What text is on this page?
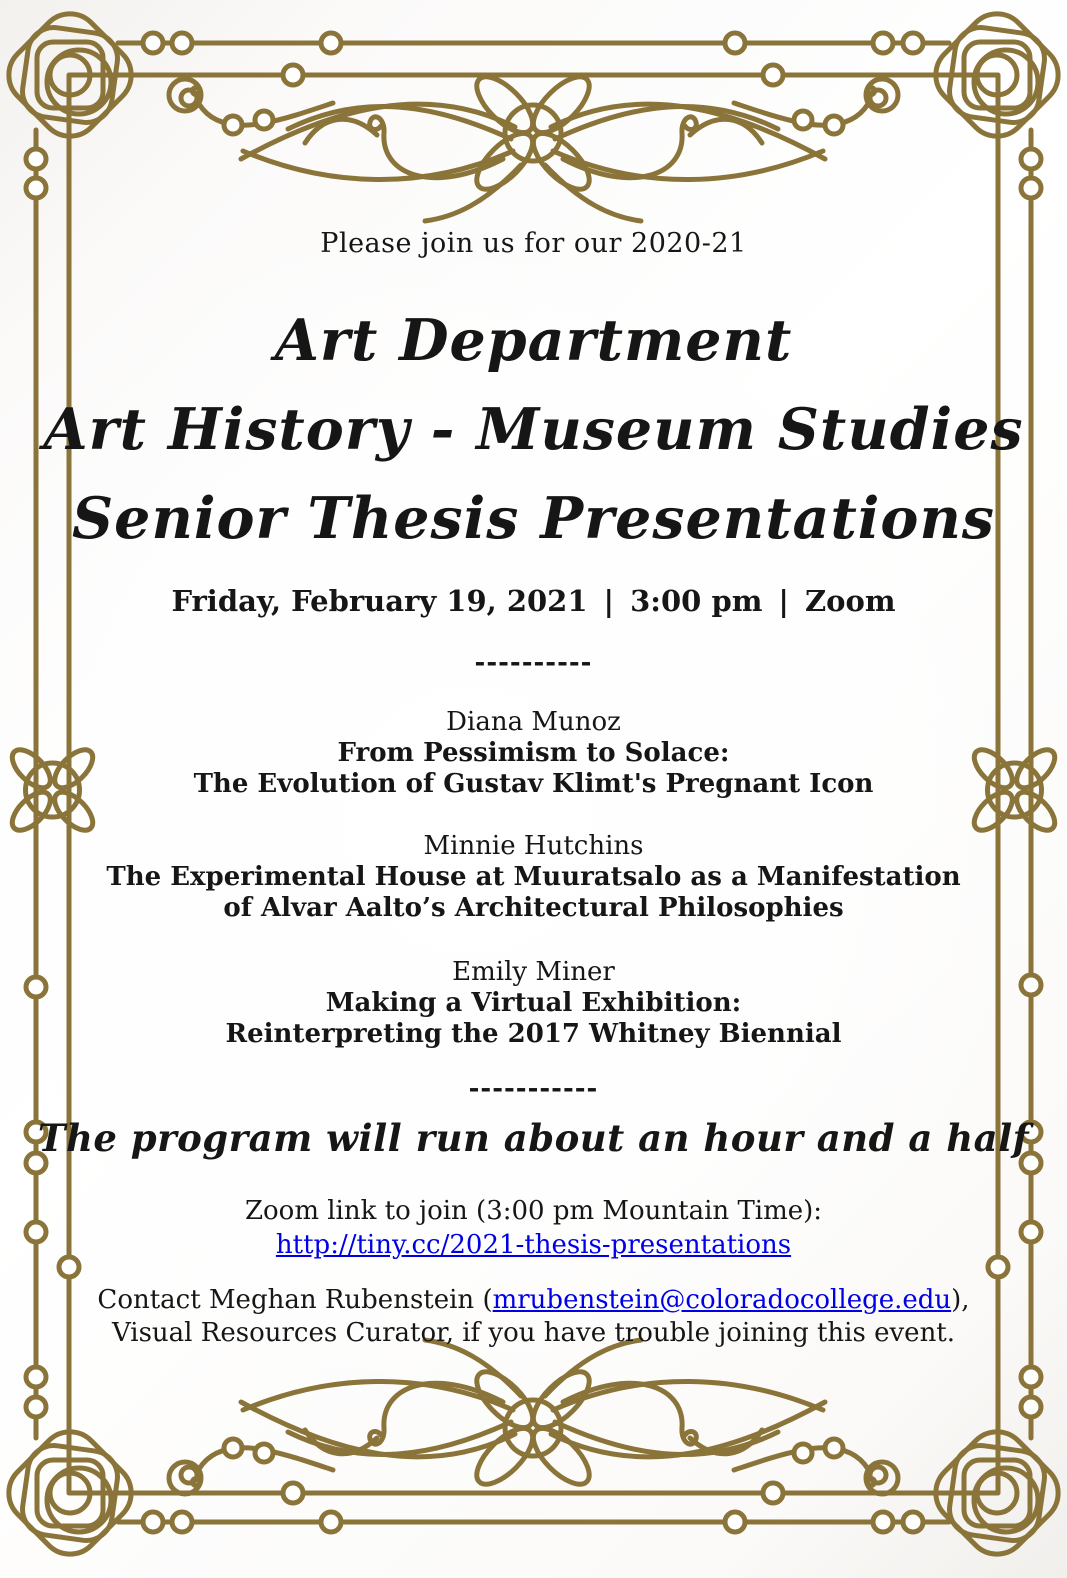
Please join us for our 2020-21
Art Department
Art History - Museum Studies
Senior Thesis Presentations
Friday, February 19, 2021 | 3:00 pm | Zoom
----------
Diana Munoz
From Pessimism to Solace:
The Evolution of Gustav Klimt's Pregnant Icon
Minnie Hutchins
The Experimental House at Muuratsalo as a Manifestation
of Alvar Aalto’s Architectural Philosophies
Emily Miner
Making a Virtual Exhibition:
Reinterpreting the 2017 Whitney Biennial
-----------
The program will run about an hour and a half
Zoom link to join (3:00 pm Mountain Time):
http://tiny.cc/2021-thesis-presentations
Contact Meghan Rubenstein (mrubenstein@coloradocollege.edu),
Visual Resources Curator, if you have trouble joining this event.
